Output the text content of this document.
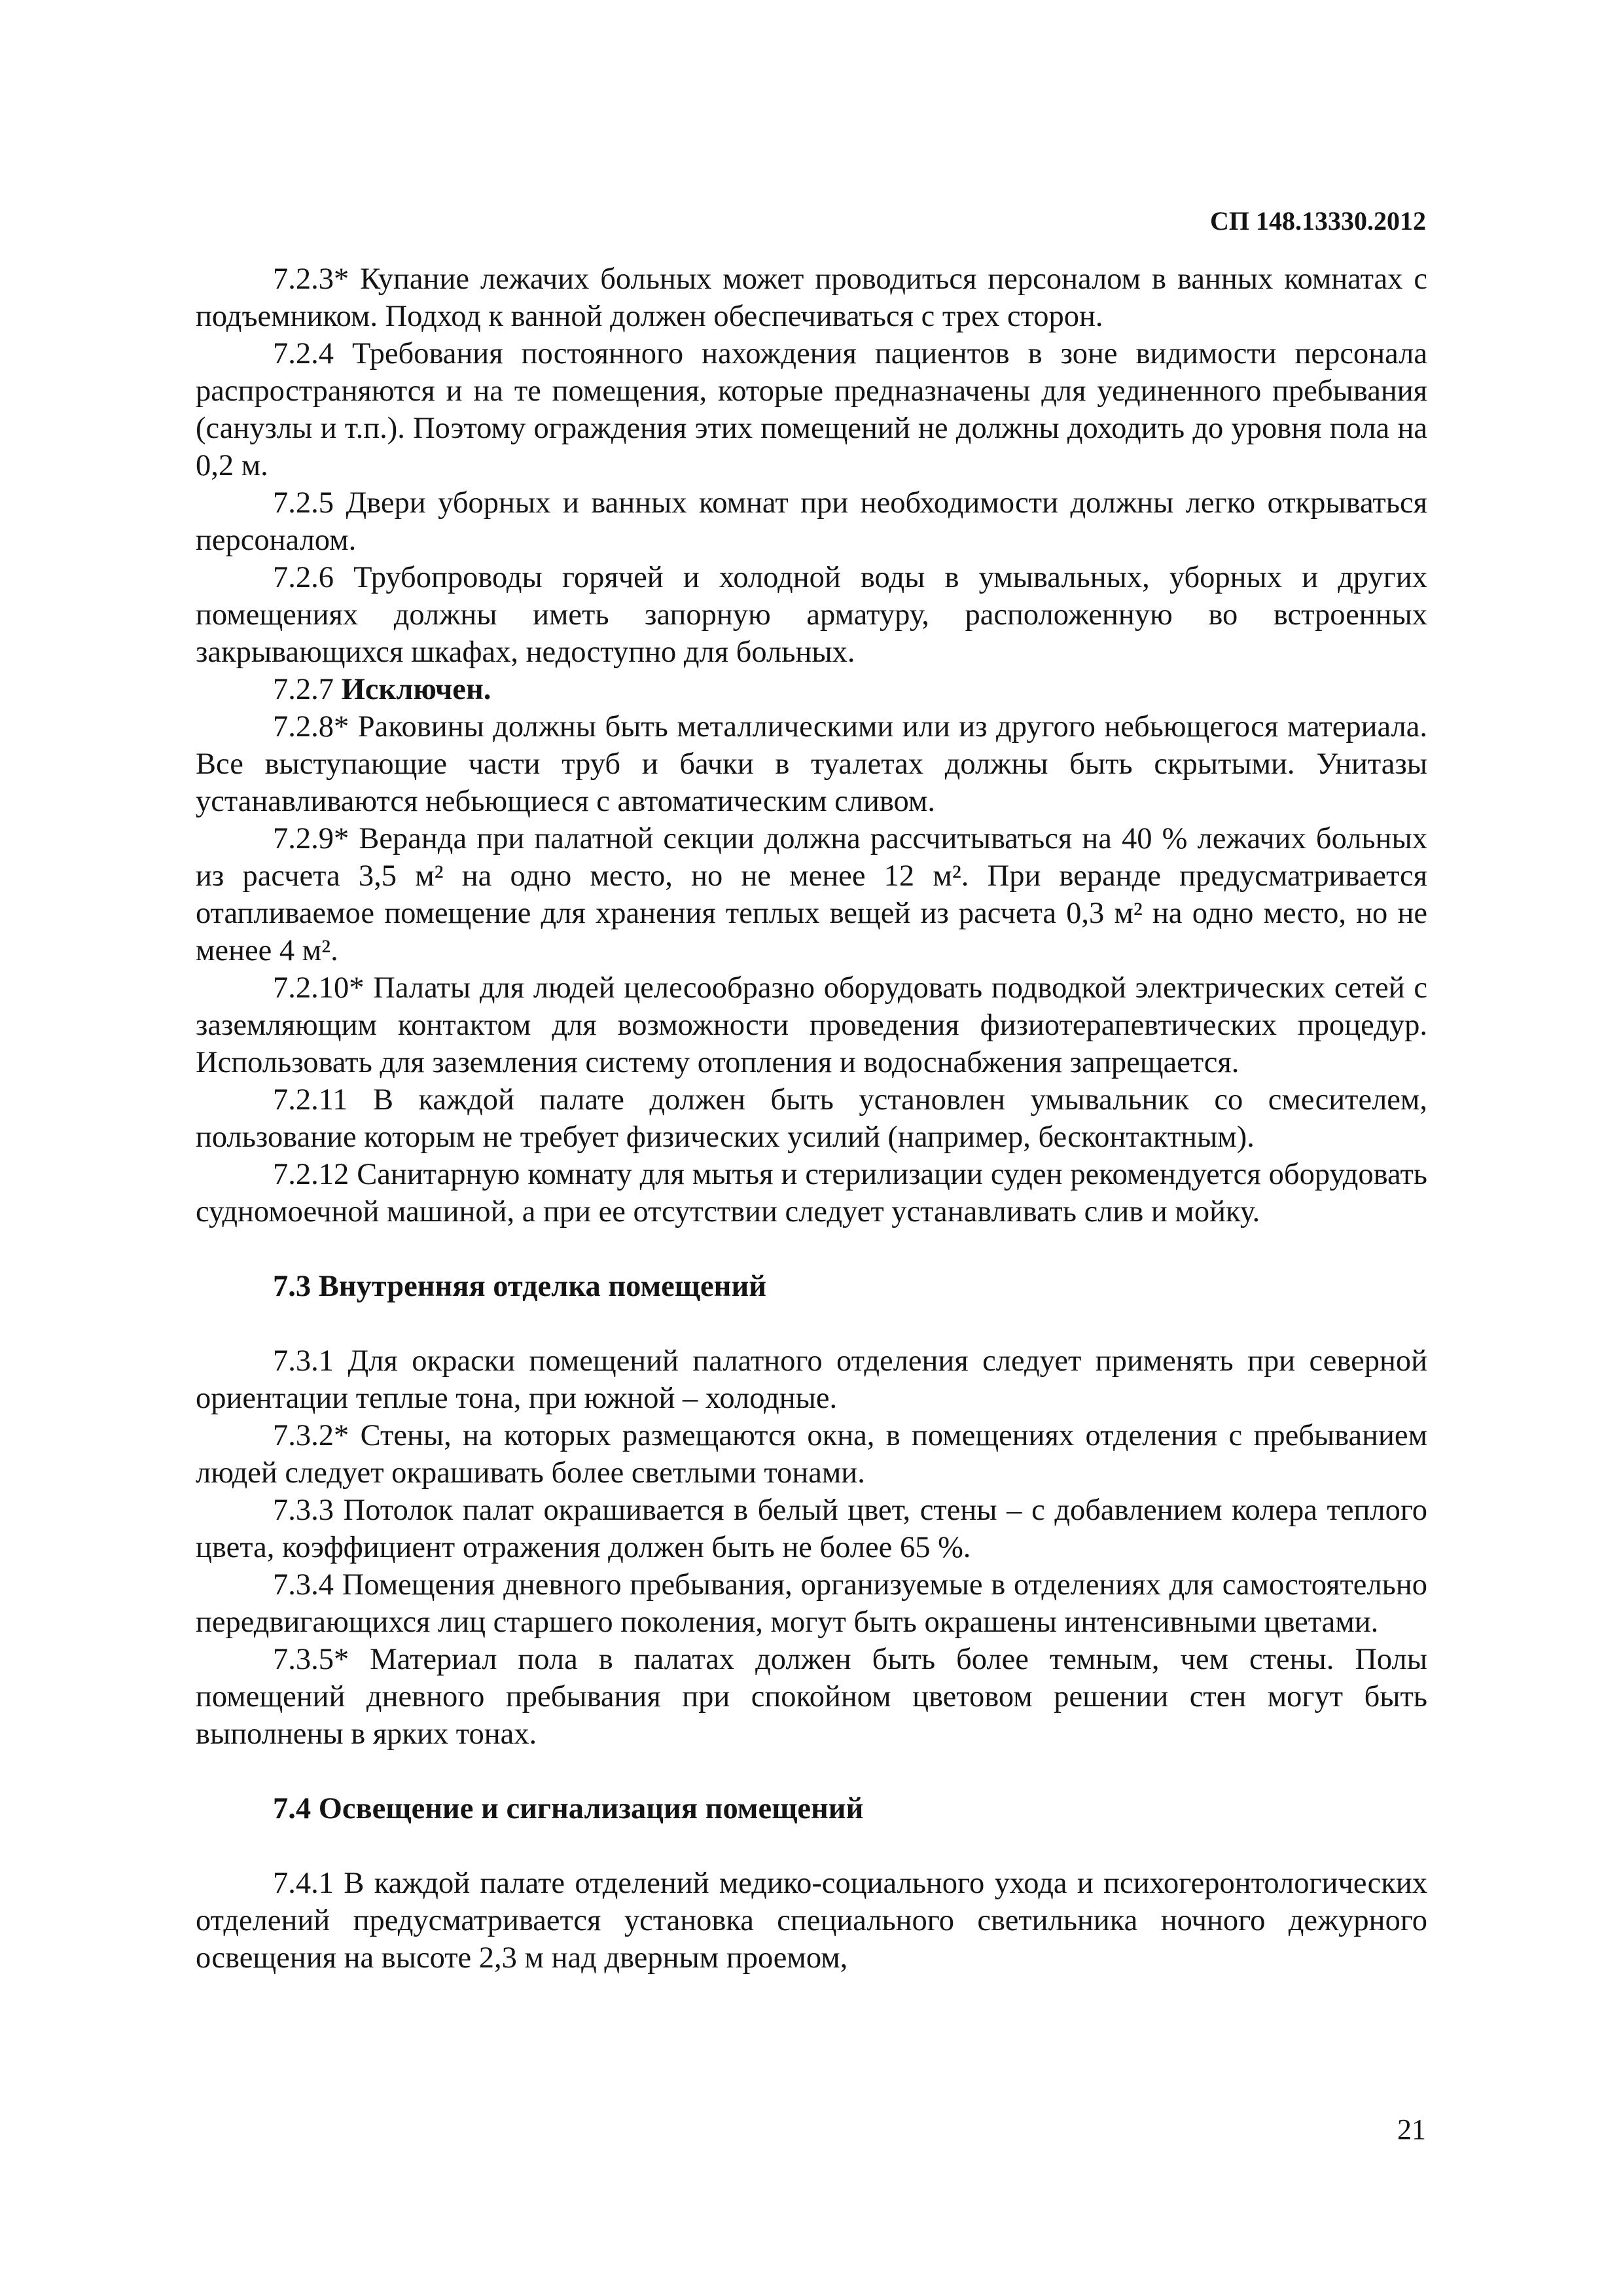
СП 148.13330.2012

7.2.3* Купание лежачих больных может проводиться персоналом в ванных комнатах с подъемником. Подход к ванной должен обеспечиваться с трех сторон.

7.2.4 Требования постоянного нахождения пациентов в зоне видимости персонала распространяются и на те помещения, которые предназначены для уединенного пребывания (санузлы и т.п.). Поэтому ограждения этих помещений не должны доходить до уровня пола на 0,2 м.

7.2.5 Двери уборных и ванных комнат при необходимости должны легко открываться персоналом.

7.2.6 Трубопроводы горячей и холодной воды в умывальных, уборных и других помещениях должны иметь запорную арматуру, расположенную во встроенных закрывающихся шкафах, недоступно для больных.

7.2.7 Исключен.

7.2.8* Раковины должны быть металлическими или из другого небьющегося материала. Все выступающие части труб и бачки в туалетах должны быть скрытыми. Унитазы устанавливаются небьющиеся с автоматическим сливом.

7.2.9* Веранда при палатной секции должна рассчитываться на 40 % лежачих больных из расчета 3,5 м² на одно место, но не менее 12 м². При веранде предусматривается отапливаемое помещение для хранения теплых вещей из расчета 0,3 м² на одно место, но не менее 4 м².

7.2.10* Палаты для людей целесообразно оборудовать подводкой электрических сетей с заземляющим контактом для возможности проведения физиотерапевтических процедур. Использовать для заземления систему отопления и водоснабжения запрещается.

7.2.11 В каждой палате должен быть установлен умывальник со смесителем, пользование которым не требует физических усилий (например, бесконтактным).

7.2.12 Санитарную комнату для мытья и стерилизации суден рекомендуется оборудовать судномоечной машиной, а при ее отсутствии следует устанавливать слив и мойку.

7.3 Внутренняя отделка помещений

7.3.1 Для окраски помещений палатного отделения следует применять при северной ориентации теплые тона, при южной – холодные.

7.3.2* Стены, на которых размещаются окна, в помещениях отделения с пребыванием людей следует окрашивать более светлыми тонами.

7.3.3 Потолок палат окрашивается в белый цвет, стены – с добавлением колера теплого цвета, коэффициент отражения должен быть не более 65 %.

7.3.4 Помещения дневного пребывания, организуемые в отделениях для самостоятельно передвигающихся лиц старшего поколения, могут быть окрашены интенсивными цветами.

7.3.5* Материал пола в палатах должен быть более темным, чем стены. Полы помещений дневного пребывания при спокойном цветовом решении стен могут быть выполнены в ярких тонах.

7.4 Освещение и сигнализация помещений

7.4.1 В каждой палате отделений медико-социального ухода и психогеронтологических отделений предусматривается установка специального светильника ночного дежурного освещения на высоте 2,3 м над дверным проемом,

21
